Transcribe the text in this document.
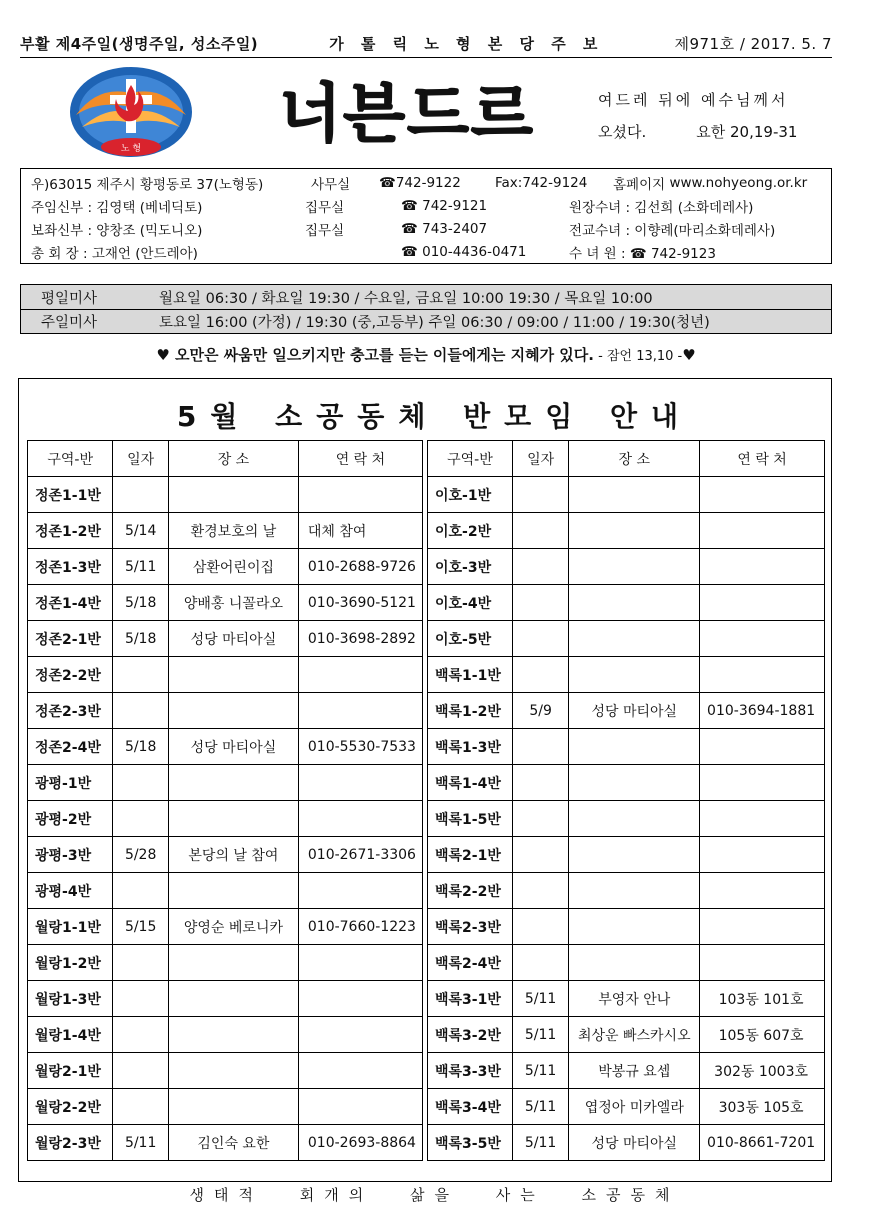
부활 제4주일(생명주일, 성소주일)	가 톨 릭 노 형 본 당 주 보	제971호 / 2017. 5. 7
노 형 너븐드르	여드레 뒤에 예수님께서
오셨다.	요한 20,19-31
우)63015 제주시 황평동로 37(노형동)	사무실	☎742-9122	Fax:742-9124	홈페이지
www.nohyeong.or.kr
주임신부 : 김영택 (베네딕토)	집무실	☎ 742-9121	원장수녀 : 김선희 (소화데레사)
보좌신부 : 양창조 (믹도니오)	집무실	☎ 743-2407	전교수녀 : 이향례(마리소화데레사)
총 회 장 : 고재언 (안드레아)	☎ 010-4436-0471	수 녀 원 : ☎ 742-9123
평일미사	월요일 06:30 / 화요일 19:30 / 수요일, 금요일 10:00 19:30 / 목요일 10:00
주일미사	토요일 16:00 (가정) / 19:30 (중,고등부) 주일 06:30 / 09:00 / 11:00 / 19:30(청년)
♥ 오만은 싸움만 일으키지만 충고를 듣는 이들에게는 지혜가 있다. - 잠언 13,10 -♥
5월 소공동체 반모임 안내
구역-반	일자	장 소	연 락 처
정존1-1반			
정존1-2반	5/14	환경보호의 날	대체 참여
정존1-3반	5/11	삼환어린이집	010-2688-9726
정존1-4반	5/18	양배홍 니꼴라오	010-3690-5121
정존2-1반	5/18	성당 마티아실	010-3698-2892
정존2-2반			
정존2-3반			
정존2-4반	5/18	성당 마티아실	010-5530-7533
광평-1반			
광평-2반			
광평-3반	5/28	본당의 날 참여	010-2671-3306
광평-4반			
월랑1-1반	5/15	양영순 베로니카	010-7660-1223
월랑1-2반			
월랑1-3반			
월랑1-4반			
월랑2-1반			
월랑2-2반			
월랑2-3반	5/11	김인숙 요한	010-2693-8864
구역-반	일자	장 소	연 락 처
이호-1반			
이호-2반			
이호-3반			
이호-4반			
이호-5반			
백록1-1반			
백록1-2반	5/9	성당 마티아실	010-3694-1881
백록1-3반			
백록1-4반			
백록1-5반			
백록2-1반			
백록2-2반			
백록2-3반			
백록2-4반			
백록3-1반	5/11	부영자 안나	103동 101호
백록3-2반	5/11	최상운 빠스카시오	105동 607호
백록3-3반	5/11	박봉규 요셉	302동 1003호
백록3-4반	5/11	엽정아 미카엘라	303동 105호
백록3-5반	5/11	성당 마티아실	010-8661-7201
생태적 회개의 삶을 사는 소공동체
